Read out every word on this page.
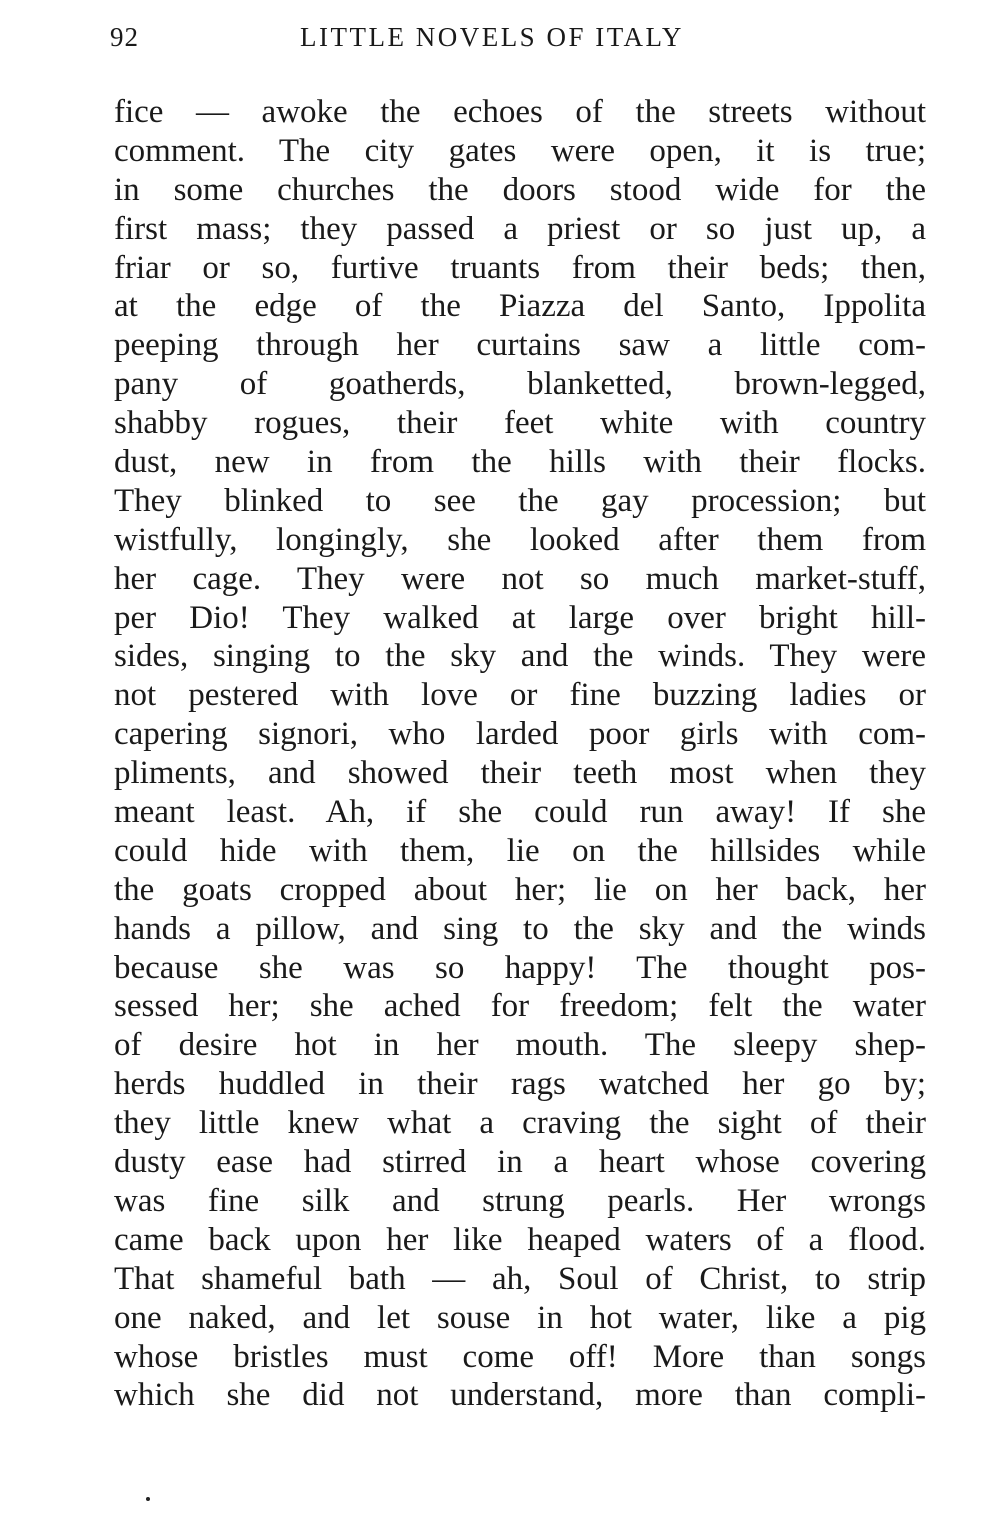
92	LITTLE NOVELS OF ITALY
fice — awoke the echoes of the streets without
comment. The city gates were open, it is true;
in some churches the doors stood wide for the
first mass; they passed a priest or so just up, a
friar or so, furtive truants from their beds; then,
at the edge of the Piazza del Santo, Ippolita
peeping through her curtains saw a little com-
pany of goatherds, blanketted, brown-legged,
shabby rogues, their feet white with country
dust, new in from the hills with their flocks.
They blinked to see the gay procession; but
wistfully, longingly, she looked after them from
her cage. They were not so much market-stuff,
per Dio! They walked at large over bright hill-
sides, singing to the sky and the winds. They were
not pestered with love or fine buzzing ladies or
capering signori, who larded poor girls with com-
pliments, and showed their teeth most when they
meant least. Ah, if she could run away! If she
could hide with them, lie on the hillsides while
the goats cropped about her; lie on her back, her
hands a pillow, and sing to the sky and the winds
because she was so happy! The thought pos-
sessed her; she ached for freedom; felt the water
of desire hot in her mouth. The sleepy shep-
herds huddled in their rags watched her go by;
they little knew what a craving the sight of their
dusty ease had stirred in a heart whose covering
was fine silk and strung pearls. Her wrongs
came back upon her like heaped waters of a flood.
That shameful bath — ah, Soul of Christ, to strip
one naked, and let souse in hot water, like a pig
whose bristles must come off! More than songs
which she did not understand, more than compli-
